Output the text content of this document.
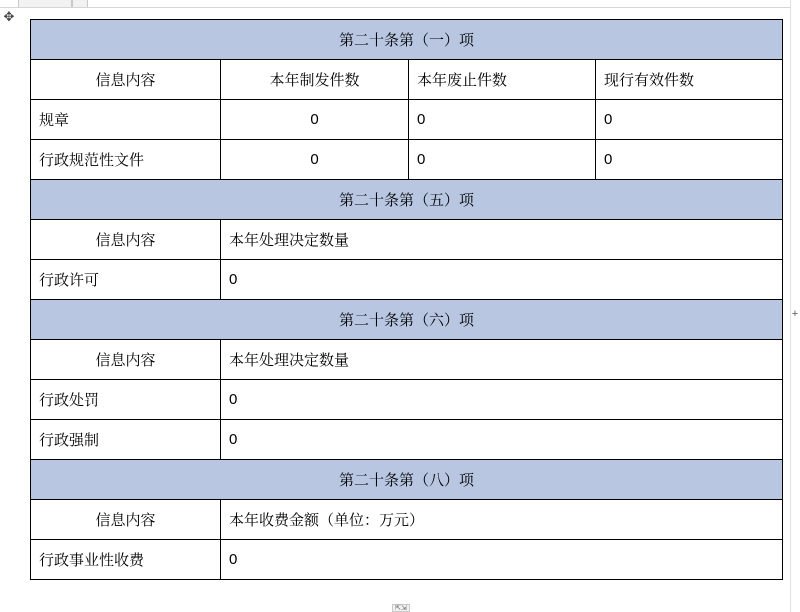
✥
+
第二十条第（一）项			
信息内容	本年制发件数	本年废止件数	现行有效件数
规章	0	0	0
行政规范性文件	0	0	0
第二十条第（五）项			
信息内容	本年处理决定数量		
行政许可	0		
第二十条第（六）项			
信息内容	本年处理决定数量		
行政处罚	0		
行政强制	0		
第二十条第（八）项			
信息内容	本年收费金额（单位：万元）		
行政事业性收费	0		
⇱⇲
